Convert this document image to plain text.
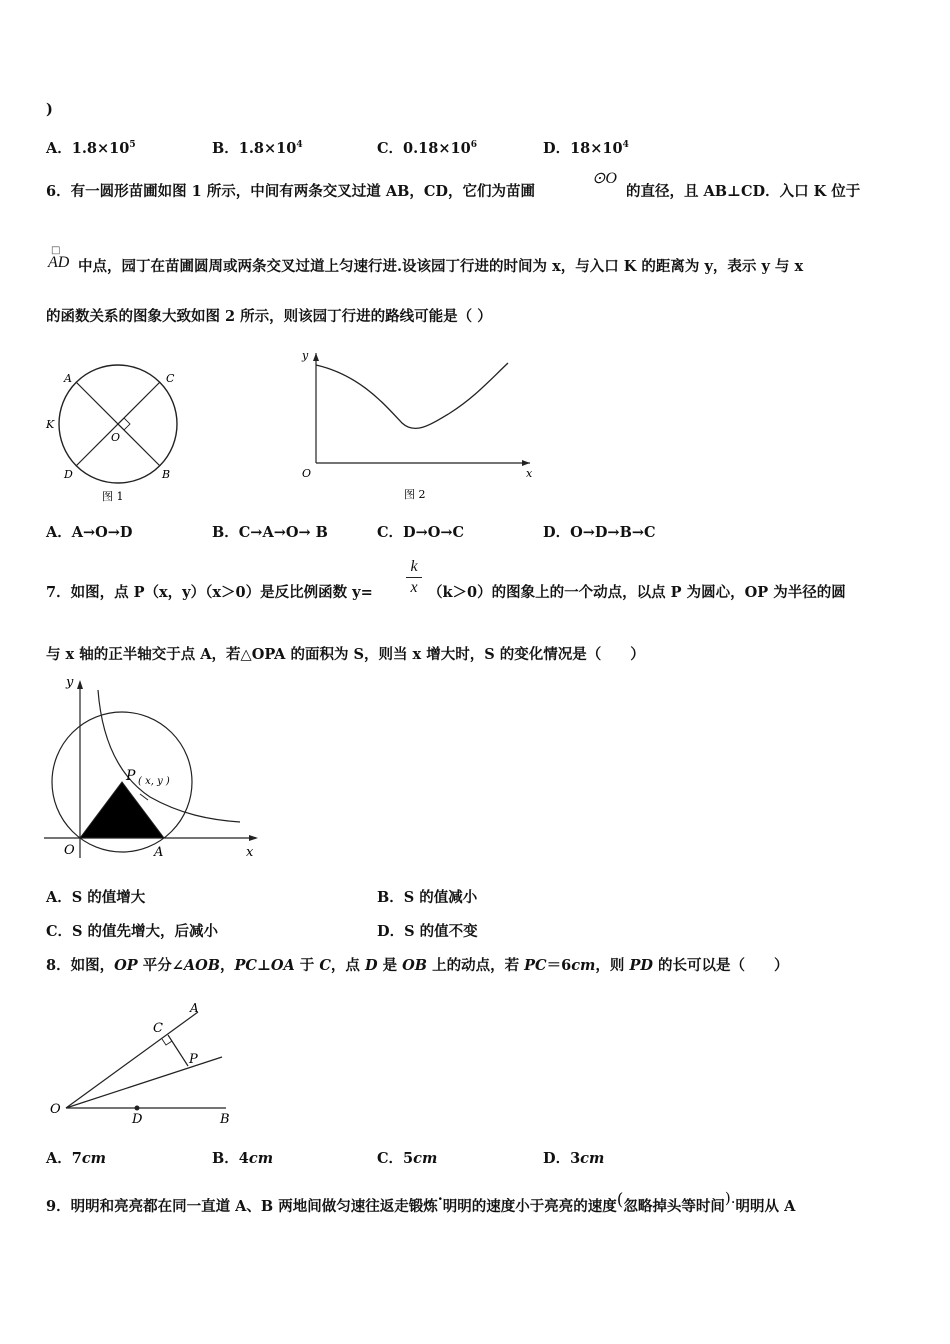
)
A．$1.8\times 10^5$	B．$1.8\times 10^4$	C．$0.18\times 10^6$	D．$18\times 10^4$
6．有一圆形苗圃如图 1 所示，中间有两条交叉过道 AB，CD，它们为苗圃
⊙O
的直径，且 AB⊥CD．入口 K 位于
□
AD 中点，园丁在苗圃圆周或两条交叉过道上匀速行进.设该园丁行进的时间为 x，与入口 K 的距离为 y，表示 y 与 x
的函数关系的图象大致如图 2 所示，则该园丁行进的路线可能是（ ）
A	C
K
O
D	B
图 1
y
O	x
图 2
A．A→O→D	B．C→A→O→ B	C．D→O→C	D．O→D→B→C
7．如图，点 P（x，y）（x＞0）是反比例函数 y=
k
x （k＞0）的图象上的一个动点，以点 P 为圆心，OP 为半径的圆
与 x 轴的正半轴交于点 A，若△OPA 的面积为 S，则当 x 增大时，S 的变化情况是（　　）
P ( x, y )
y
O	A	x
A．S 的值增大	B．S 的值减小
C．S 的值先增大，后减小	D．S 的值不变
8．如图，OP 平分∠AOB，PC⊥OA 于 C，点 D 是 OB 上的动点，若 PC＝6cm，则 PD 的长可以是（　　）
A
C
P
O
D	B
A．7cm	B．4cm	C．5cm	D．3cm
9．明明和亮亮都在同一直道 A、B 两地间做匀速往返走锻炼·明明的速度小于亮亮的速度(忽略掉头等时间).明明从 A
